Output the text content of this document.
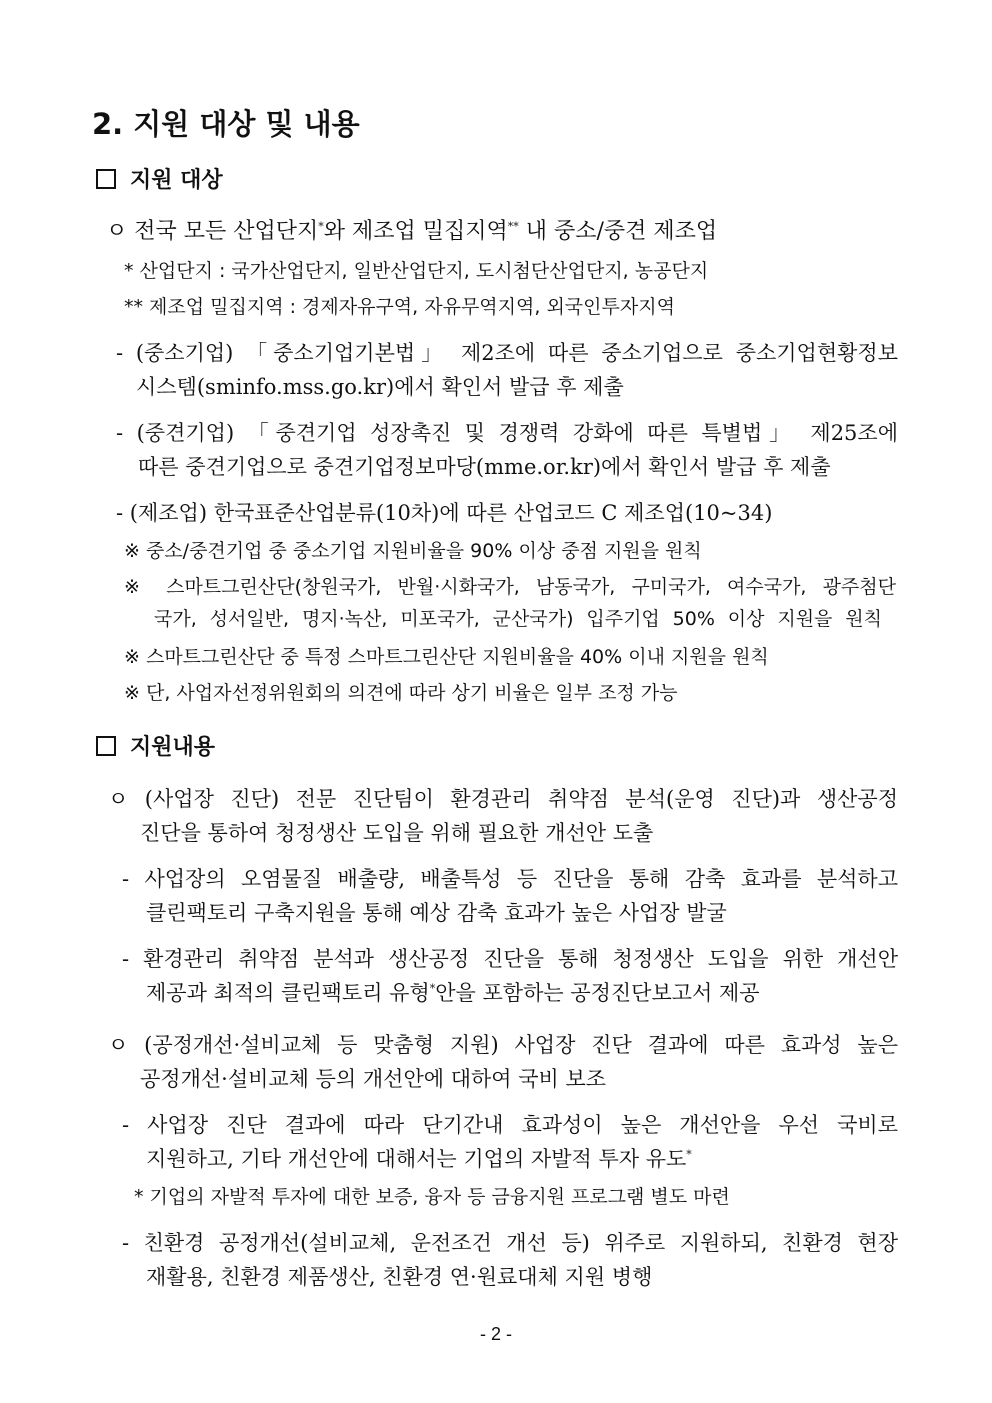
2. 지원 대상 및 내용
지원 대상
ㅇ 전국 모든 산업단지*와 제조업 밀집지역** 내 중소/중견 제조업
* 산업단지 : 국가산업단지, 일반산업단지, 도시첨단산업단지, 농공단지
** 제조업 밀집지역 : 경제자유구역, 자유무역지역, 외국인투자지역
- (중소기업) 「중소기업기본법」 제2조에 따른 중소기업으로 중소기업현황정보
시스템(sminfo.mss.go.kr)에서 확인서 발급 후 제출
- (중견기업) 「중견기업 성장촉진 및 경쟁력 강화에 따른 특별법」 제25조에
따른 중견기업으로 중견기업정보마당(mme.or.kr)에서 확인서 발급 후 제출
- (제조업) 한국표준산업분류(10차)에 따른 산업코드 C 제조업(10~34)
※ 중소/중견기업 중 중소기업 지원비율을 90% 이상 중점 지원을 원칙
※ 스마트그린산단(창원국가, 반월·시화국가, 남동국가, 구미국가, 여수국가, 광주첨단
국가, 성서일반, 명지·녹산, 미포국가, 군산국가) 입주기업 50% 이상 지원을 원칙
※ 스마트그린산단 중 특정 스마트그린산단 지원비율을 40% 이내 지원을 원칙
※ 단, 사업자선정위원회의 의견에 따라 상기 비율은 일부 조정 가능
지원내용
ㅇ (사업장 진단) 전문 진단팀이 환경관리 취약점 분석(운영 진단)과 생산공정
진단을 통하여 청정생산 도입을 위해 필요한 개선안 도출
- 사업장의 오염물질 배출량, 배출특성 등 진단을 통해 감축 효과를 분석하고
클린팩토리 구축지원을 통해 예상 감축 효과가 높은 사업장 발굴
- 환경관리 취약점 분석과 생산공정 진단을 통해 청정생산 도입을 위한 개선안
제공과 최적의 클린팩토리 유형*안을 포함하는 공정진단보고서 제공
ㅇ (공정개선·설비교체 등 맞춤형 지원) 사업장 진단 결과에 따른 효과성 높은
공정개선·설비교체 등의 개선안에 대하여 국비 보조
- 사업장 진단 결과에 따라 단기간내 효과성이 높은 개선안을 우선 국비로
지원하고, 기타 개선안에 대해서는 기업의 자발적 투자 유도*
* 기업의 자발적 투자에 대한 보증, 융자 등 금융지원 프로그램 별도 마련
- 친환경 공정개선(설비교체, 운전조건 개선 등) 위주로 지원하되, 친환경 현장
재활용, 친환경 제품생산, 친환경 연·원료대체 지원 병행
- 2 -
